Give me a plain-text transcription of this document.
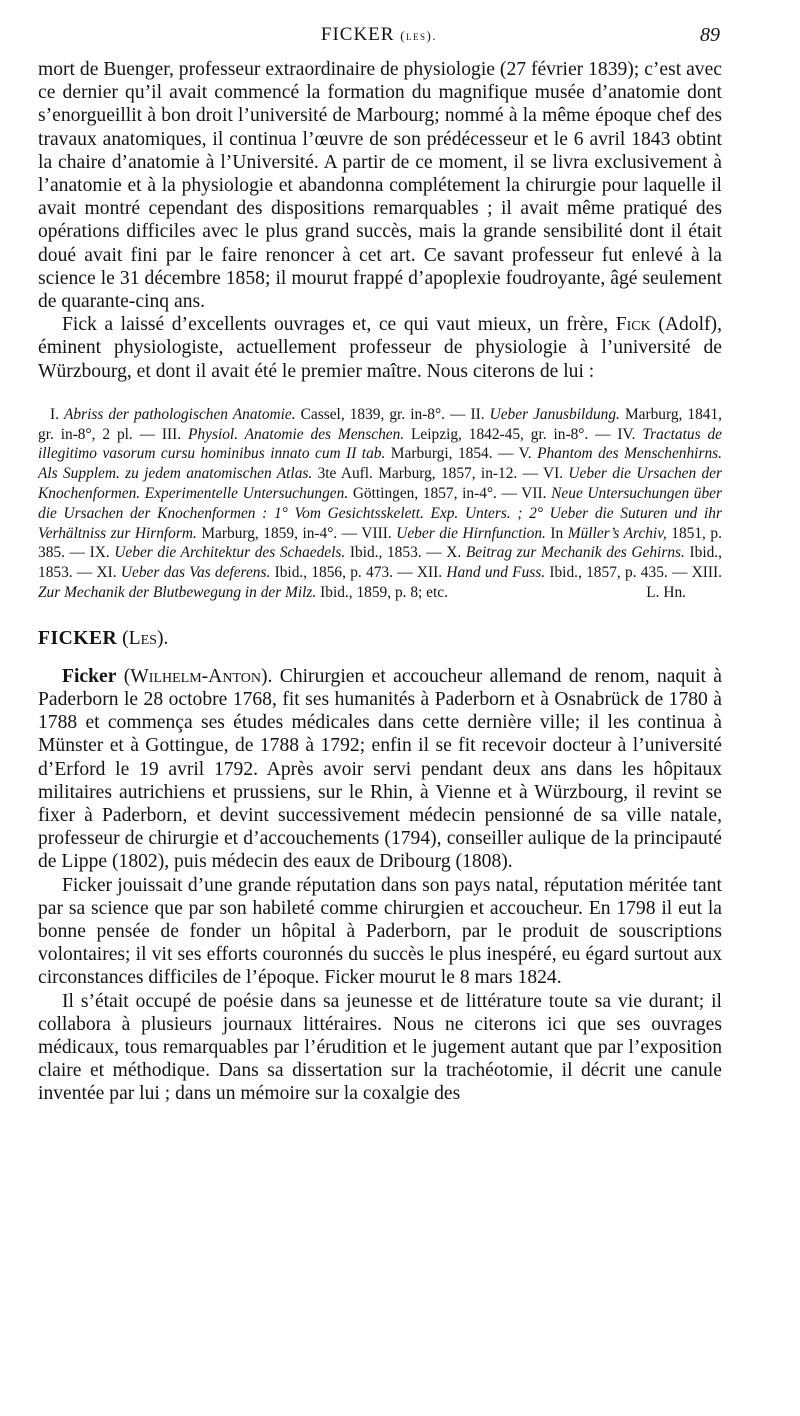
FICKER (les).	89

mort de Buenger, professeur extraordinaire de physiologie (27 février 1839); c’est avec ce dernier qu’il avait commencé la formation du magnifique musée d’anatomie dont s’enorgueillit à bon droit l’université de Marbourg; nommé à la même époque chef des travaux anatomiques, il continua l’œuvre de son prédécesseur et le 6 avril 1843 obtint la chaire d’anatomie à l’Université. A partir de ce moment, il se livra exclusivement à l’anatomie et à la physiologie et abandonna complétement la chirurgie pour laquelle il avait montré cependant des dispositions remarquables ; il avait même pratiqué des opérations difficiles avec le plus grand succès, mais la grande sensibilité dont il était doué avait fini par le faire renoncer à cet art. Ce savant professeur fut enlevé à la science le 31 décembre 1858; il mourut frappé d’apoplexie foudroyante, âgé seulement de quarante-cinq ans.

Fick a laissé d’excellents ouvrages et, ce qui vaut mieux, un frère, Fick (Adolf), éminent physiologiste, actuellement professeur de physiologie à l’université de Würzbourg, et dont il avait été le premier maître. Nous citerons de lui :

I. Abriss der pathologischen Anatomie. Cassel, 1839, gr. in-8°. — II. Ueber Janusbildung. Marburg, 1841, gr. in-8°, 2 pl. — III. Physiol. Anatomie des Menschen. Leipzig, 1842-45, gr. in-8°. — IV. Tractatus de illegitimo vasorum cursu hominibus innato cum II tab. Marburgi, 1854. — V. Phantom des Menschenhirns. Als Supplem. zu jedem anatomischen Atlas. 3te Aufl. Marburg, 1857, in-12. — VI. Ueber die Ursachen der Knochenformen. Experimentelle Untersuchungen. Göttingen, 1857, in-4°. — VII. Neue Untersuchungen über die Ursachen der Knochenformen : 1° Vom Gesichtsskelett. Exp. Unters. ; 2° Ueber die Suturen und ihr Verhältniss zur Hirnform. Marburg, 1859, in-4°. — VIII. Ueber die Hirnfunction. In Müller’s Archiv, 1851, p. 385. — IX. Ueber die Architektur des Schaedels. Ibid., 1853. — X. Beitrag zur Mechanik des Gehirns. Ibid., 1853. — XI. Ueber das Vas deferens. Ibid., 1856, p. 473. — XII. Hand und Fuss. Ibid., 1857, p. 435. — XIII. Zur Mechanik der Blutbewegung in der Milz. Ibid., 1859, p. 8; etc.	L. Hn.

FICKER (Les).

Ficker (Wilhelm-Anton). Chirurgien et accoucheur allemand de renom, naquit à Paderborn le 28 octobre 1768, fit ses humanités à Paderborn et à Osnabrück de 1780 à 1788 et commença ses études médicales dans cette dernière ville; il les continua à Münster et à Gottingue, de 1788 à 1792; enfin il se fit recevoir docteur à l’université d’Erford le 19 avril 1792. Après avoir servi pendant deux ans dans les hôpitaux militaires autrichiens et prussiens, sur le Rhin, à Vienne et à Würzbourg, il revint se fixer à Paderborn, et devint successivement médecin pensionné de sa ville natale, professeur de chirurgie et d’accouchements (1794), conseiller aulique de la principauté de Lippe (1802), puis médecin des eaux de Dribourg (1808).

Ficker jouissait d’une grande réputation dans son pays natal, réputation méritée tant par sa science que par son habileté comme chirurgien et accoucheur. En 1798 il eut la bonne pensée de fonder un hôpital à Paderborn, par le produit de souscriptions volontaires; il vit ses efforts couronnés du succès le plus inespéré, eu égard surtout aux circonstances difficiles de l’époque. Ficker mourut le 8 mars 1824.

Il s’était occupé de poésie dans sa jeunesse et de littérature toute sa vie durant; il collabora à plusieurs journaux littéraires. Nous ne citerons ici que ses ouvrages médicaux, tous remarquables par l’érudition et le jugement autant que par l’exposition claire et méthodique. Dans sa dissertation sur la trachéotomie, il décrit une canule inventée par lui ; dans un mémoire sur la coxalgie des
